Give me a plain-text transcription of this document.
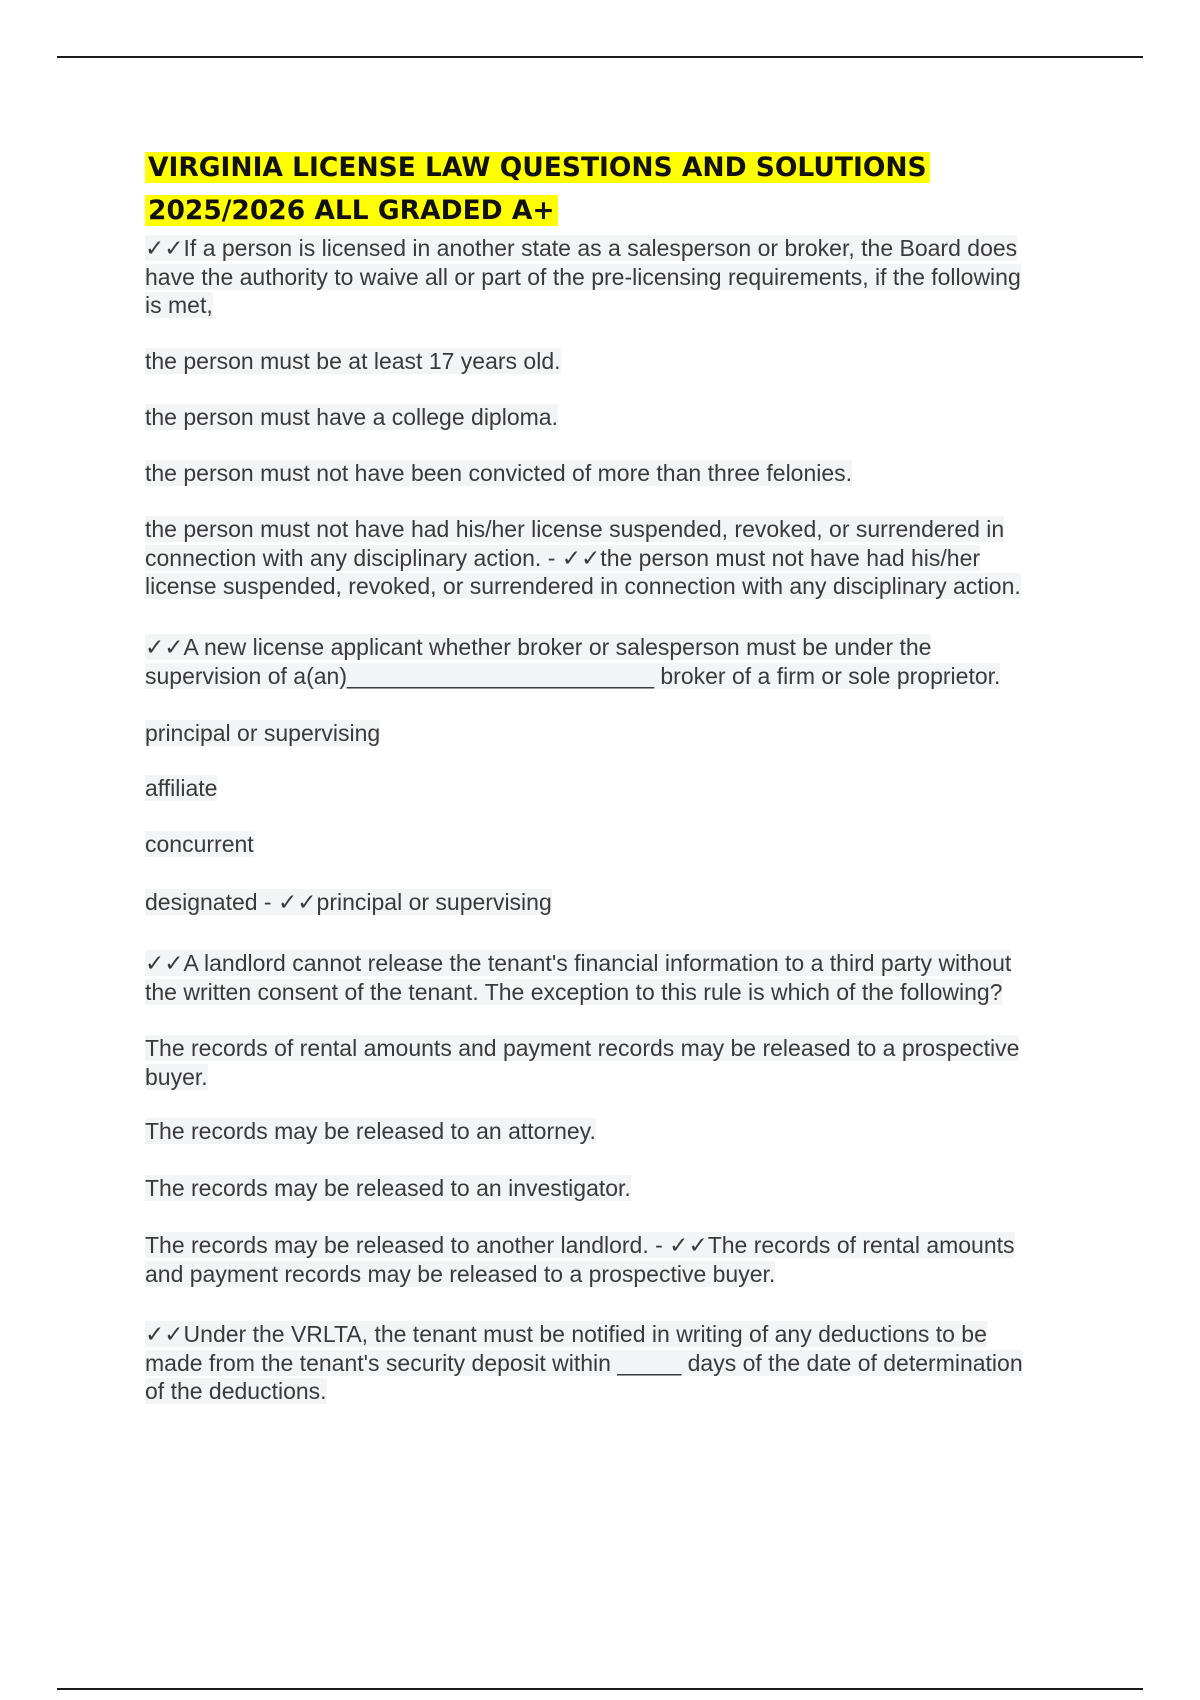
VIRGINIA LICENSE LAW QUESTIONS AND SOLUTIONS
2025/2026 ALL GRADED A+

✓✓If a person is licensed in another state as a salesperson or broker, the Board does
have the authority to waive all or part of the pre-licensing requirements, if the following
is met,

the person must be at least 17 years old.

the person must have a college diploma.

the person must not have been convicted of more than three felonies.

the person must not have had his/her license suspended, revoked, or surrendered in
connection with any disciplinary action. - ✓✓the person must not have had his/her
license suspended, revoked, or surrendered in connection with any disciplinary action.

✓✓A new license applicant whether broker or salesperson must be under the
supervision of a(an)________________________ broker of a firm or sole proprietor.

principal or supervising

affiliate

concurrent

designated - ✓✓principal or supervising

✓✓A landlord cannot release the tenant's financial information to a third party without
the written consent of the tenant. The exception to this rule is which of the following?

The records of rental amounts and payment records may be released to a prospective
buyer.

The records may be released to an attorney.

The records may be released to an investigator.

The records may be released to another landlord. - ✓✓The records of rental amounts
and payment records may be released to a prospective buyer.

✓✓Under the VRLTA, the tenant must be notified in writing of any deductions to be
made from the tenant's security deposit within _____ days of the date of determination
of the deductions.
